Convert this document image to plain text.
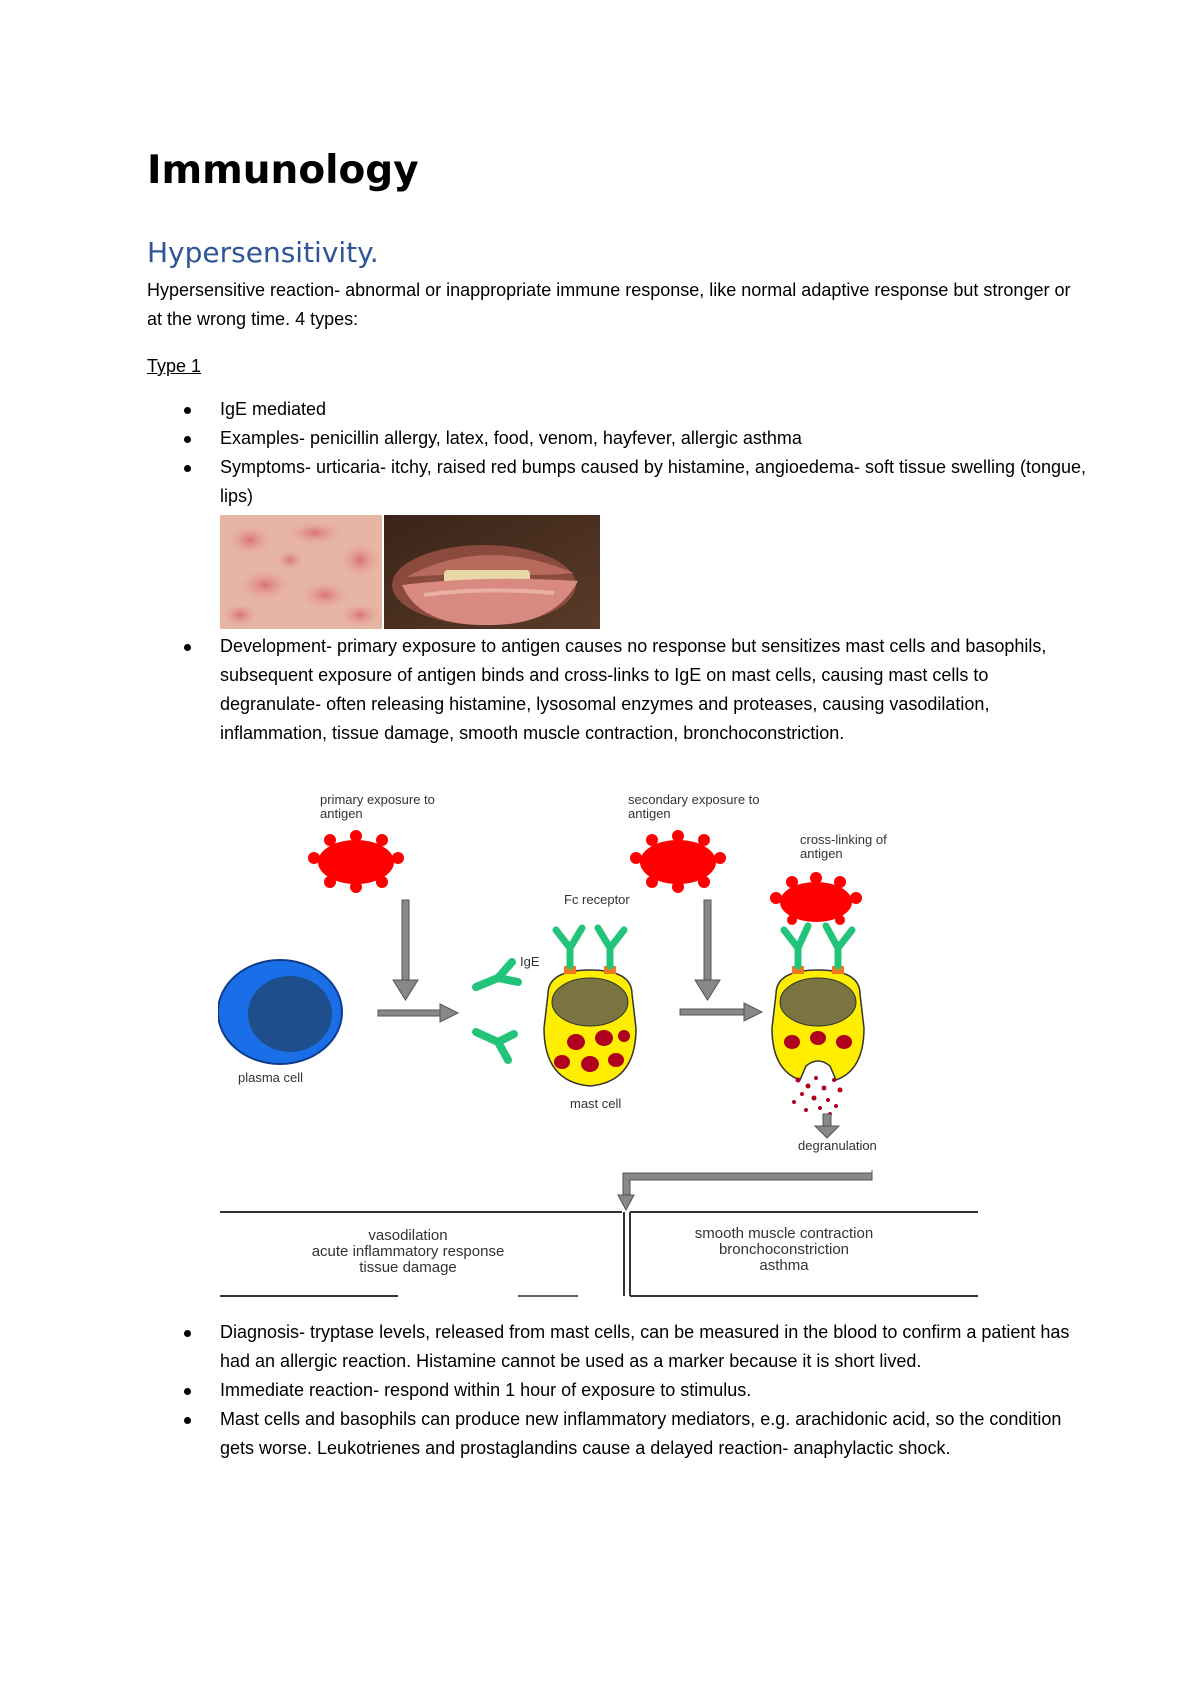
Immunology
Hypersensitivity.

Hypersensitive reaction- abnormal or inappropriate immune response, like normal adaptive response but stronger or at the wrong time. 4 types:

Type 1

IgE mediated
Examples- penicillin allergy, latex, food, venom, hayfever, allergic asthma
Symptoms- urticaria- itchy, raised red bumps caused by histamine, angioedema- soft tissue swelling (tongue, lips)
Development- primary exposure to antigen causes no response but sensitizes mast cells and basophils, subsequent exposure of antigen binds and cross-links to IgE on mast cells, causing mast cells to degranulate- often releasing histamine, lysosomal enzymes and proteases, causing vasodilation, inflammation, tissue damage, smooth muscle contraction, bronchoconstriction.
primary exposure to
antigen
secondary exposure to
antigen
cross-linking of
antigen
Fc receptor
IgE
plasma cell
mast cell
degranulation
vasodilation
acute inflammatory response
tissue damage
smooth muscle contraction
bronchoconstriction
asthma
Diagnosis- tryptase levels, released from mast cells, can be measured in the blood to confirm a patient has had an allergic reaction. Histamine cannot be used as a marker because it is short lived.
Immediate reaction- respond within 1 hour of exposure to stimulus.
Mast cells and basophils can produce new inflammatory mediators, e.g. arachidonic acid, so the condition gets worse. Leukotrienes and prostaglandins cause a delayed reaction- anaphylactic shock.
